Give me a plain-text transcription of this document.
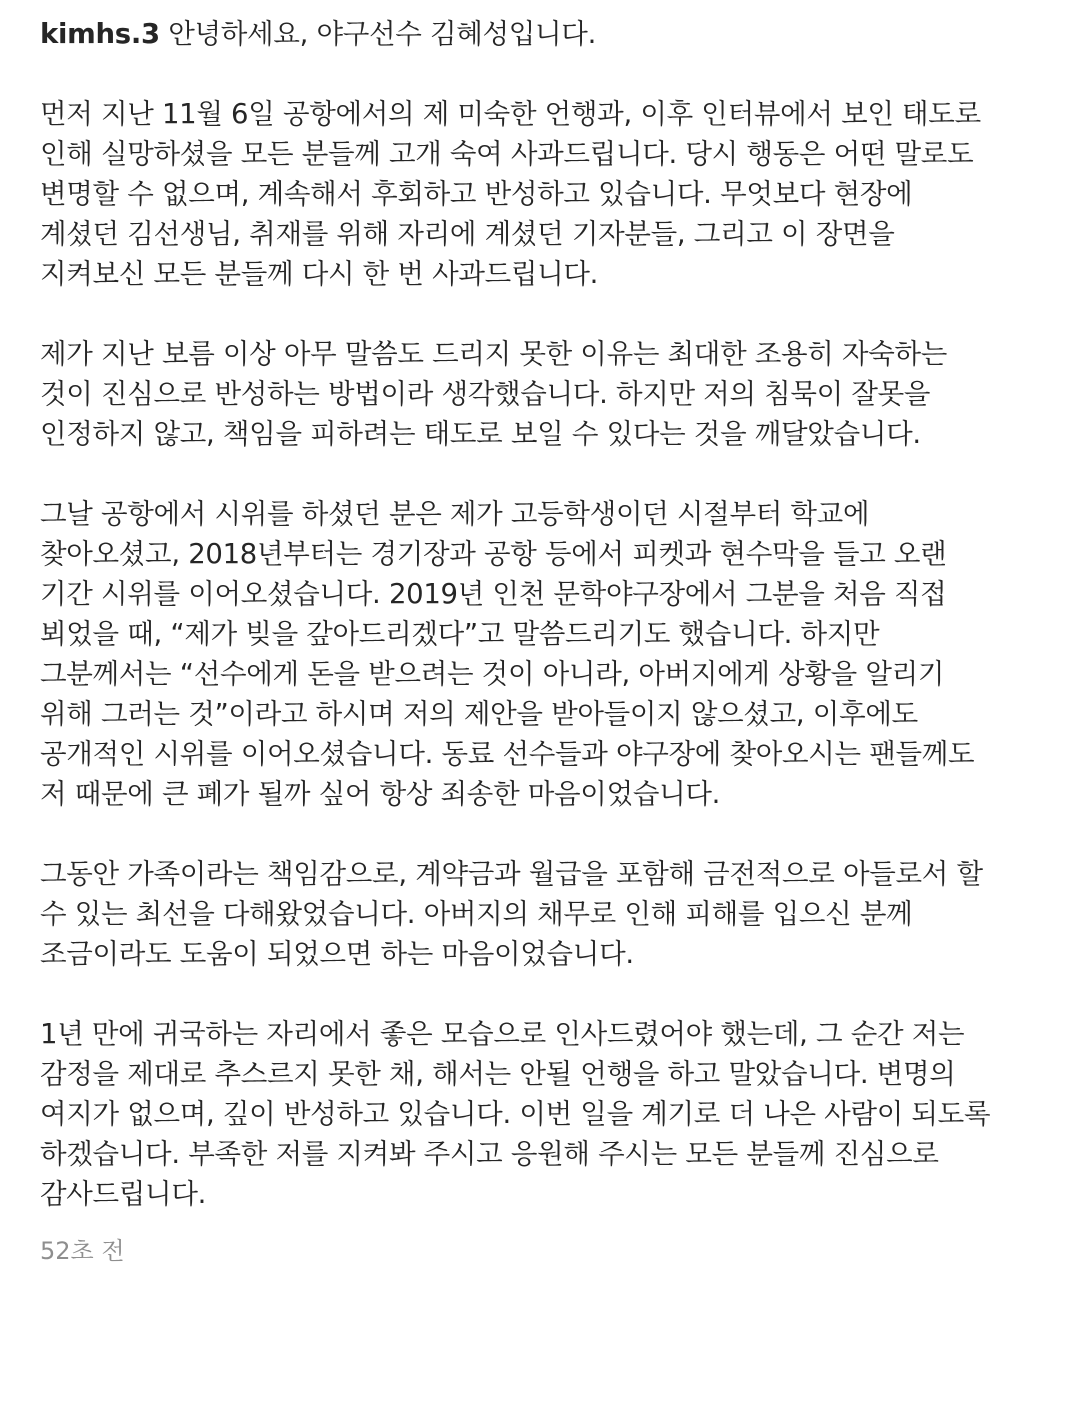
kimhs.3 안녕하세요, 야구선수 김혜성입니다.
먼저 지난 11월 6일 공항에서의 제 미숙한 언행과, 이후 인터뷰에서 보인 태도로
인해 실망하셨을 모든 분들께 고개 숙여 사과드립니다. 당시 행동은 어떤 말로도
변명할 수 없으며, 계속해서 후회하고 반성하고 있습니다. 무엇보다 현장에
계셨던 김선생님, 취재를 위해 자리에 계셨던 기자분들, 그리고 이 장면을
지켜보신 모든 분들께 다시 한 번 사과드립니다.
제가 지난 보름 이상 아무 말씀도 드리지 못한 이유는 최대한 조용히 자숙하는
것이 진심으로 반성하는 방법이라 생각했습니다. 하지만 저의 침묵이 잘못을
인정하지 않고, 책임을 피하려는 태도로 보일 수 있다는 것을 깨달았습니다.
그날 공항에서 시위를 하셨던 분은 제가 고등학생이던 시절부터 학교에
찾아오셨고, 2018년부터는 경기장과 공항 등에서 피켓과 현수막을 들고 오랜
기간 시위를 이어오셨습니다. 2019년 인천 문학야구장에서 그분을 처음 직접
뵈었을 때, “제가 빚을 갚아드리겠다”고 말씀드리기도 했습니다. 하지만
그분께서는 “선수에게 돈을 받으려는 것이 아니라, 아버지에게 상황을 알리기
위해 그러는 것”이라고 하시며 저의 제안을 받아들이지 않으셨고, 이후에도
공개적인 시위를 이어오셨습니다. 동료 선수들과 야구장에 찾아오시는 팬들께도
저 때문에 큰 폐가 될까 싶어 항상 죄송한 마음이었습니다.
그동안 가족이라는 책임감으로, 계약금과 월급을 포함해 금전적으로 아들로서 할
수 있는 최선을 다해왔었습니다. 아버지의 채무로 인해 피해를 입으신 분께
조금이라도 도움이 되었으면 하는 마음이었습니다.
1년 만에 귀국하는 자리에서 좋은 모습으로 인사드렸어야 했는데, 그 순간 저는
감정을 제대로 추스르지 못한 채, 해서는 안될 언행을 하고 말았습니다. 변명의
여지가 없으며, 깊이 반성하고 있습니다. 이번 일을 계기로 더 나은 사람이 되도록
하겠습니다. 부족한 저를 지켜봐 주시고 응원해 주시는 모든 분들께 진심으로
감사드립니다.
52초 전
